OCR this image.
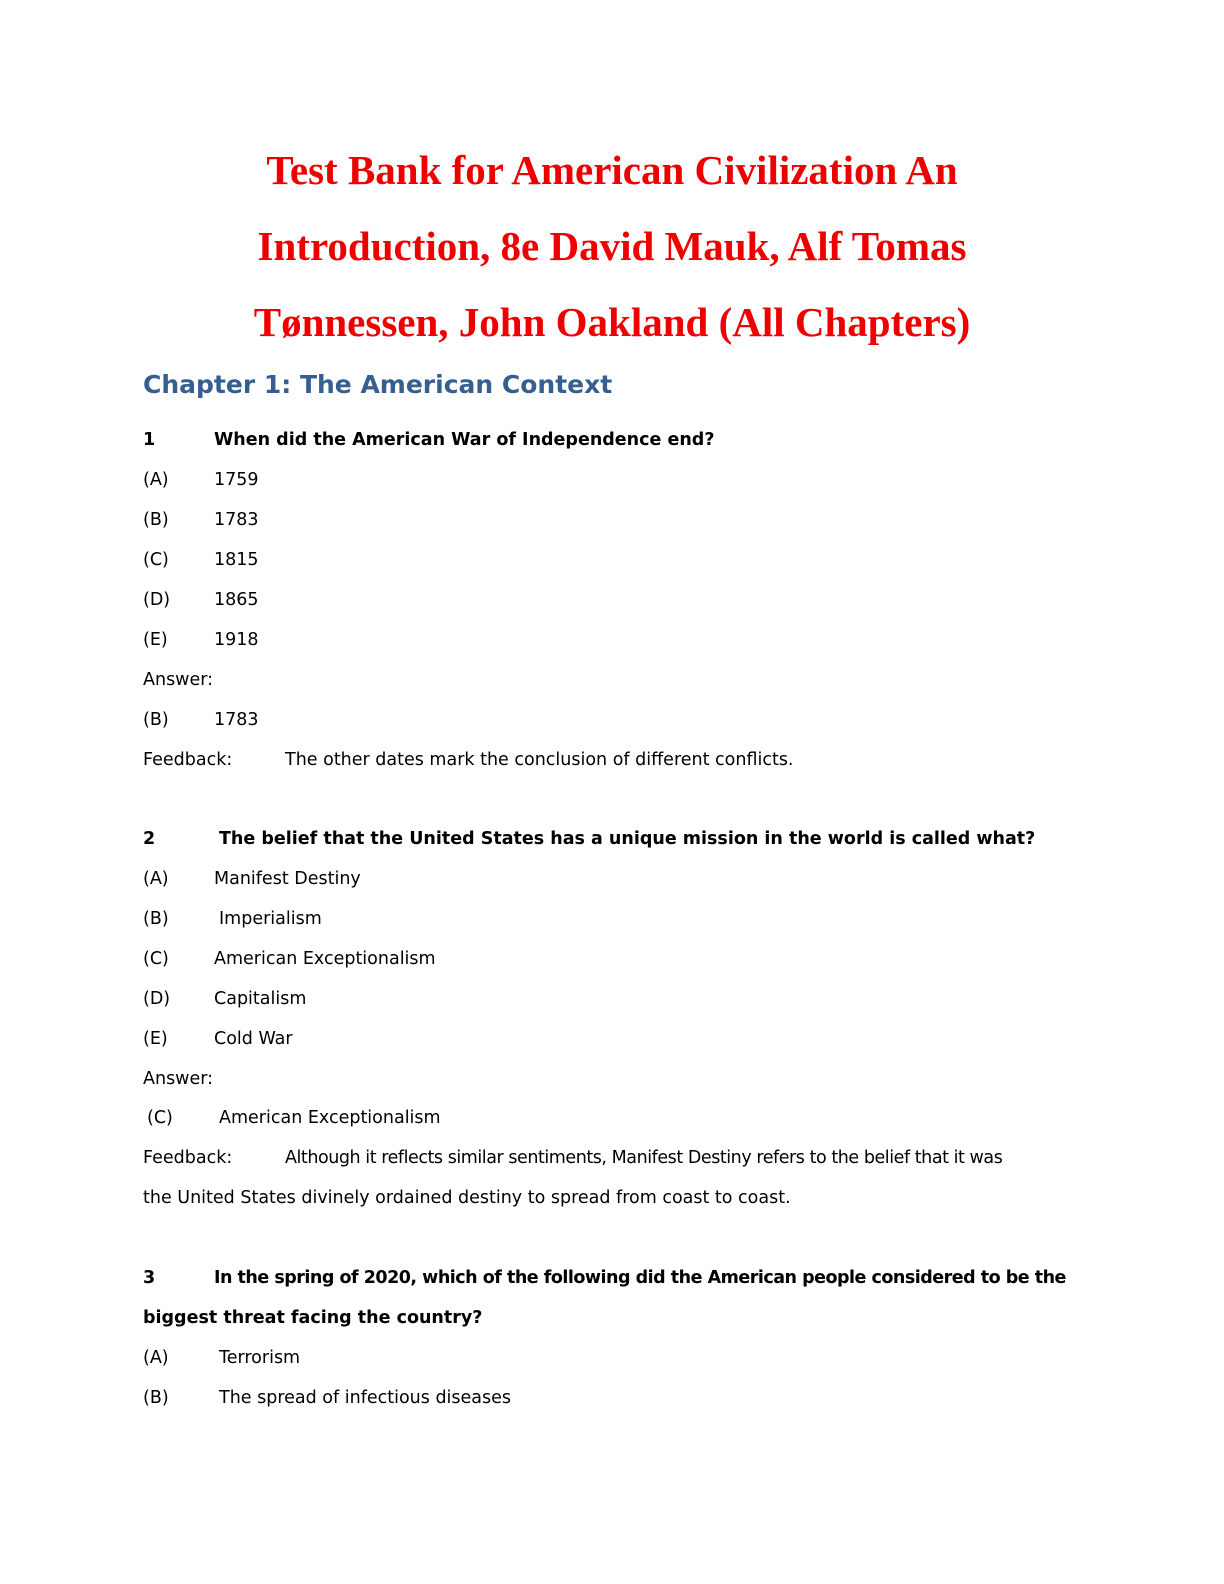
Test Bank for American Civilization An
Introduction, 8e David Mauk, Alf Tomas
Tønnessen, John Oakland (All Chapters)
Chapter 1: The American Context
1	When did the American War of Independence end?
(A)	1759
(B)	1783
(C)	1815
(D)	1865
(E)	1918
Answer:
(B)	1783
Feedback:	The other dates mark the conclusion of different conflicts.
2	The belief that the United States has a unique mission in the world is called what?
(A)	Manifest Destiny
(B)	Imperialism
(C)	American Exceptionalism
(D)	Capitalism
(E)	Cold War
Answer:
(C)	American Exceptionalism
Feedback:	Although it reflects similar sentiments, Manifest Destiny refers to the belief that it was
the United States divinely ordained destiny to spread from coast to coast.
3	In the spring of 2020, which of the following did the American people considered to be the
biggest threat facing the country?
(A)	Terrorism
(B)	The spread of infectious diseases
